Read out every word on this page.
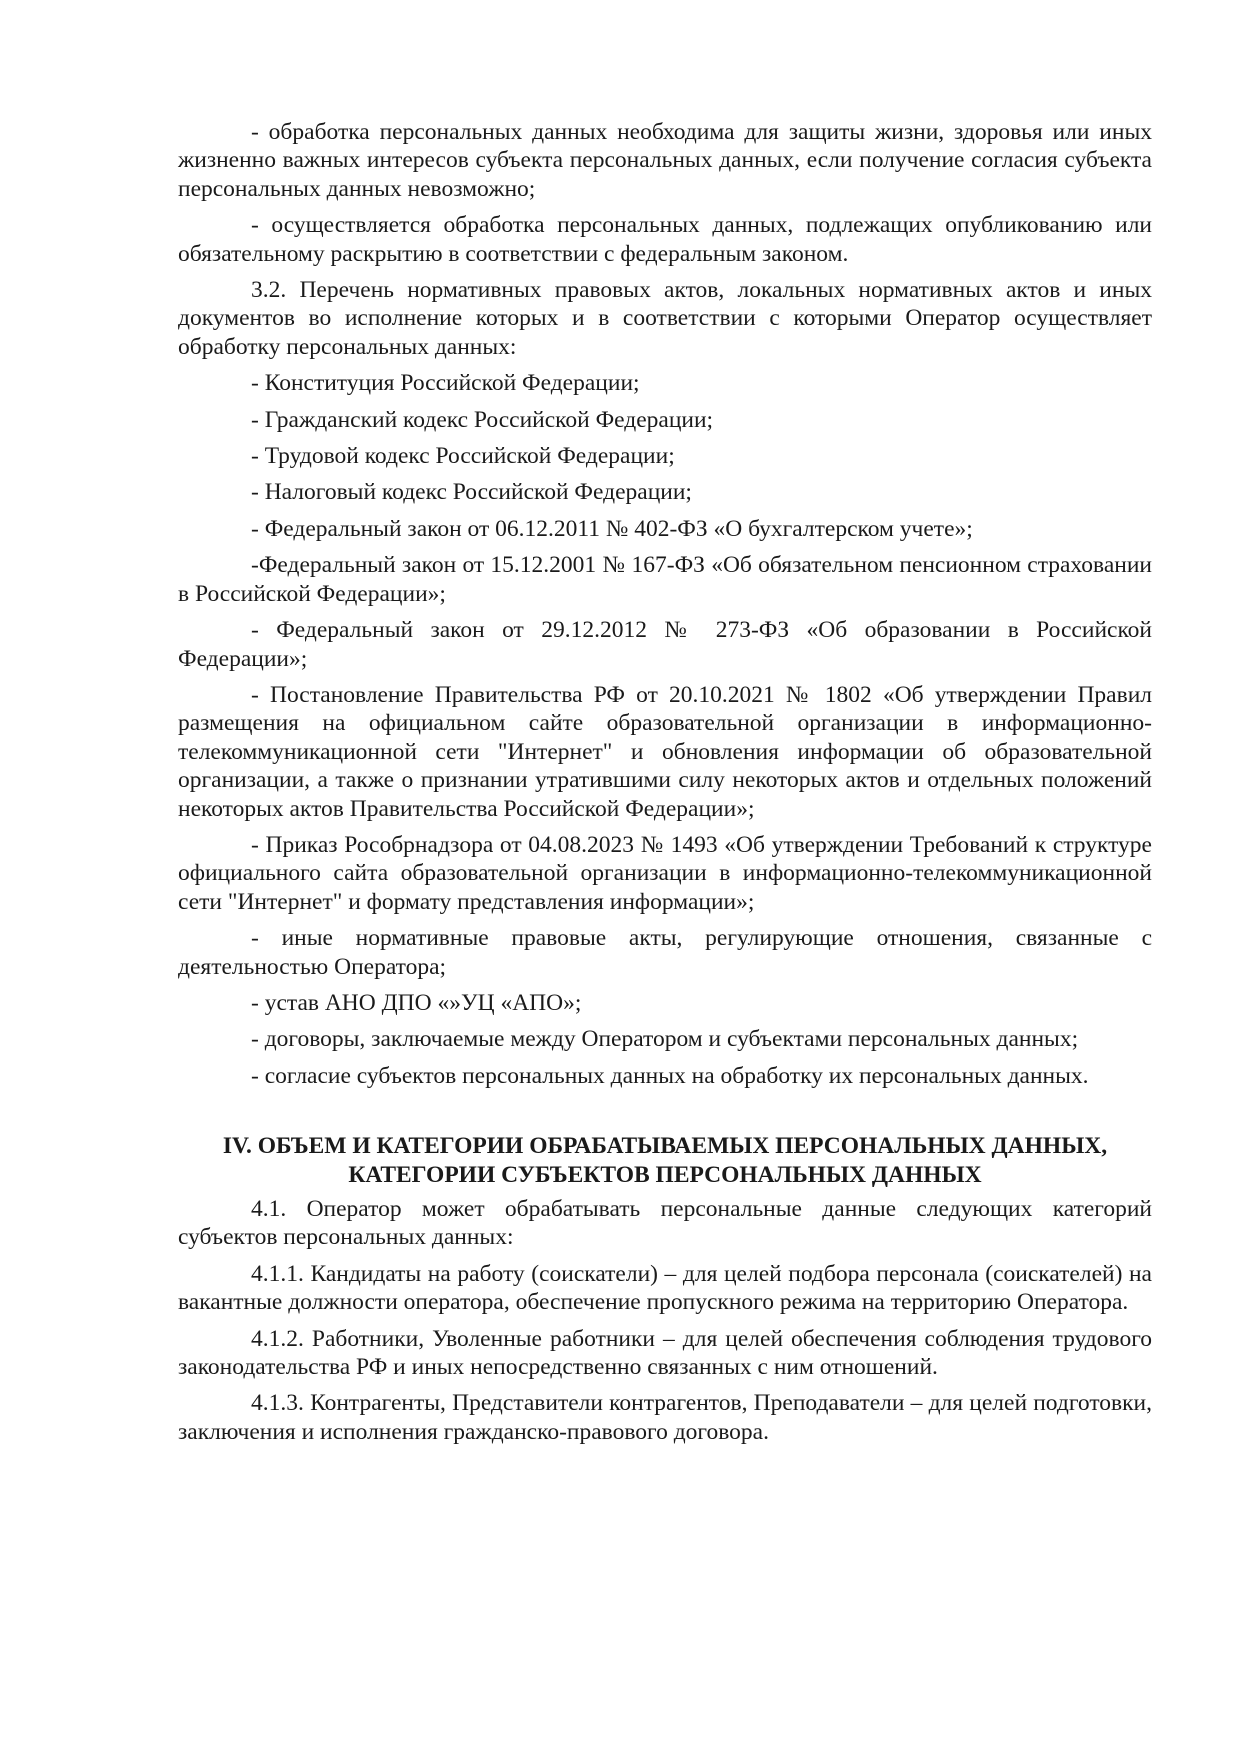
- обработка персональных данных необходима для защиты жизни, здоровья или иных жизненно важных интересов субъекта персональных данных, если получение согласия субъекта персональных данных невозможно;

- осуществляется обработка персональных данных, подлежащих опубликованию или обязательному раскрытию в соответствии с федеральным законом.

3.2. Перечень нормативных правовых актов, локальных нормативных актов и иных документов во исполнение которых и в соответствии с которыми Оператор осуществляет обработку персональных данных:

- Конституция Российской Федерации;

- Гражданский кодекс Российской Федерации;

- Трудовой кодекс Российской Федерации;

- Налоговый кодекс Российской Федерации;

- Федеральный закон от 06.12.2011 № 402-ФЗ «О бухгалтерском учете»;

-Федеральный закон от 15.12.2001 № 167-ФЗ «Об обязательном пенсионном страховании в Российской Федерации»;

- Федеральный закон от 29.12.2012 № 273-ФЗ «Об образовании в Российской Федерации»;

- Постановление Правительства РФ от 20.10.2021 № 1802 «Об утверждении Правил размещения на официальном сайте образовательной организации в информационно-телекоммуникационной сети "Интернет" и обновления информации об образовательной организации, а также о признании утратившими силу некоторых актов и отдельных положений некоторых актов Правительства Российской Федерации»;

- Приказ Рособрнадзора от 04.08.2023 № 1493 «Об утверждении Требований к структуре официального сайта образовательной организации в информационно-телекоммуникационной сети "Интернет" и формату представления информации»;

- иные нормативные правовые акты, регулирующие отношения, связанные с деятельностью Оператора;

- устав АНО ДПО «»УЦ «АПО»;

- договоры, заключаемые между Оператором и субъектами персональных данных;

- согласие субъектов персональных данных на обработку их персональных данных.

IV. ОБЪЕМ И КАТЕГОРИИ ОБРАБАТЫВАЕМЫХ ПЕРСОНАЛЬНЫХ ДАННЫХ,
КАТЕГОРИИ СУБЪЕКТОВ ПЕРСОНАЛЬНЫХ ДАННЫХ

4.1. Оператор может обрабатывать персональные данные следующих категорий субъектов персональных данных:

4.1.1. Кандидаты на работу (соискатели) – для целей подбора персонала (соискателей) на вакантные должности оператора, обеспечение пропускного режима на территорию Оператора.

4.1.2. Работники, Уволенные работники – для целей обеспечения соблюдения трудового законодательства РФ и иных непосредственно связанных с ним отношений.

4.1.3. Контрагенты, Представители контрагентов, Преподаватели – для целей подготовки, заключения и исполнения гражданско-правового договора.
